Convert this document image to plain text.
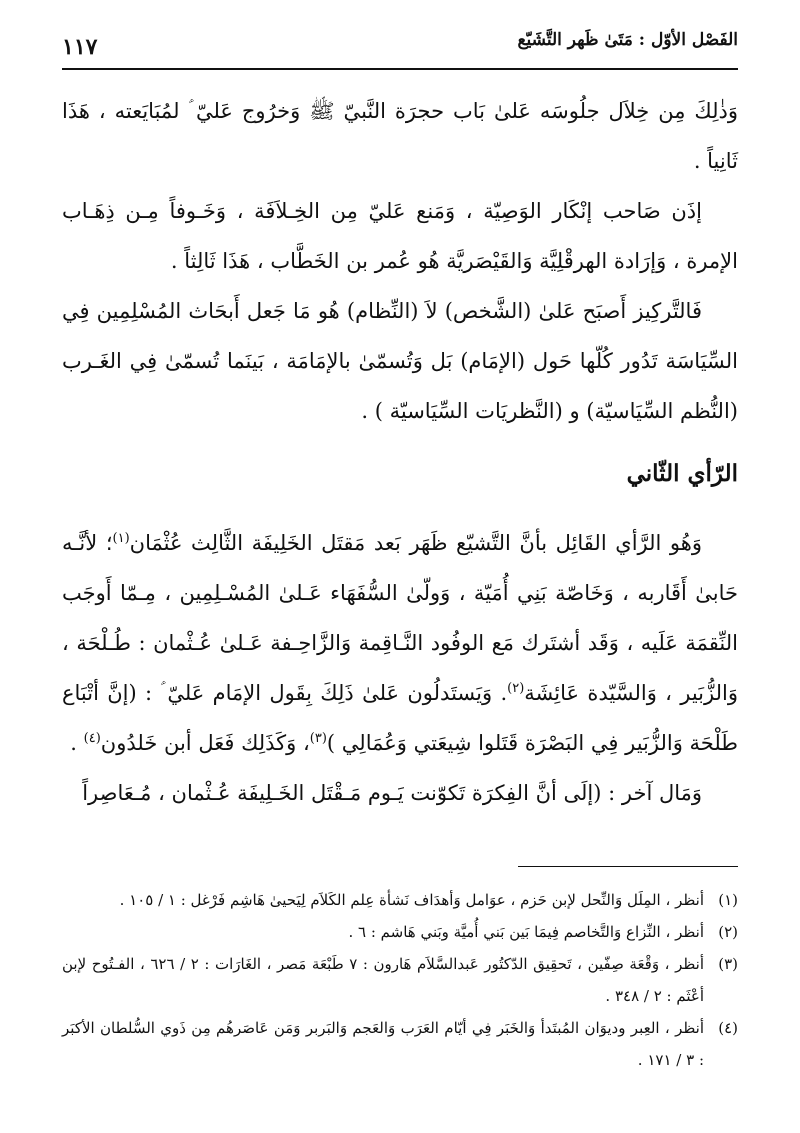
الفَصْل الأوّل : مَتَىٰ ظَهر التَّشَيّع
١١٧

وَذٰلِكَ مِن خِلاَل جلُوسَه عَلىٰ بَاب حجرَة النَّبيّ ﷺ وَخرُوج عَليّ ؑ لمُبَايَعته ، هَذَا ثَانِياً .

إذَن صَاحب إنْكَار الوَصِيّة ، وَمَنع عَليّ مِن الخِـلاَفَة ، وَخَـوفاً مِـن ذِهَـاب الإمرة ، وَإرَادة الهرقْلِيَّة وَالقَيْصَريَّة هُو عُمر بن الخَطَّاب ، هَذَا ثَالِثاً .

فَالتَّركِيز أَصبَح عَلىٰ (الشَّخص) لاَ (النِّظام) هُو مَا جَعل أَبحَاث المُسْلِمِين فِي السِّيَاسَة تَدُور كُلّها حَول (الإمَام) بَل وَتُسمّىٰ بالإمَامَة ، بَينَما تُسمّىٰ فِي الغَـرب (النُّظم السِّيَاسيّة) و (النَّظريَات السِّيَاسيّة ) .

الرّأي الثّاني

وَهُو الرَّأي القَائِل بأنَّ التَّشيّع ظَهَر بَعد مَقتَل الخَلِيفَة الثَّالِث عُثْمَان$^{(١)}$؛ لأنَّـه حَابىٰ أَقَاربه ، وَخَاصّة بَنِي أُمَيّة ، وَولّىٰ السُّفَهَاء عَـلىٰ المُسْـلِمِين ، مِـمّا أَوجَب النِّقمَة عَلَيه ، وَقَد أشتَرك مَع الوفُود النَّـاقِمة وَالزَّاحِـفة عَـلىٰ عُـثْمان : طُـلْحَة ، وَالزُّبَير ، وَالسَّيّدة عَائِشَة$^{(٢)}$. وَيَستَدلُون عَلىٰ ذَلِكَ بِقَول الإمَام عَليّ ؑ : (إنَّ أتْبَاع طَلْحَة وَالزُّبَير فِي البَصْرَة قَتَلوا شِيعَتي وَعُمَالِي )$^{(٣)}$، وَكَذَلِك فَعَل أبن خَلدُون$^{(٤)}$ .

وَمَال آخر : (إلَى أنَّ الفِكرَة تَكوّنت يَـوم مَـقْتَل الخَـلِيفَة عُـثْمان ، مُـعَاصِراً

(١)
أنظر ، المِلَل وَالنِّحل لإبن حَزم ، عوَامل وَأهدَاف نَشأة عِلم الكَلاَم لِيَحيىٰ هَاشِم فَرْغل : ١ / ١٠٥ .
(٢)
أنظر ، النِّزاع وَالتَّخاصم فِيمَا بَين بَني أُميَّة وبَني هَاشم : ٦ .
(٣)
أنظر ، وَقْعَة صِفّين ، تَحقِيق الدّكتُور عَبدالسَّلاَم هَارون : ٧ طَبْعَة مَصر ، الغَارَات : ٢ / ٦٢٦ ، الفـتُوح لإبن أعْثَم : ٢ / ٣٤٨ .
(٤)
أنظر ، العِبر وديوَان المُبتَدأ وَالخَبَر فِي أيّام العَرَب وَالعَجم وَالبَربر وَمَن عَاصَرهُم مِن ذَوي السُّلطان الأكبَر : ٣ / ١٧١ .
